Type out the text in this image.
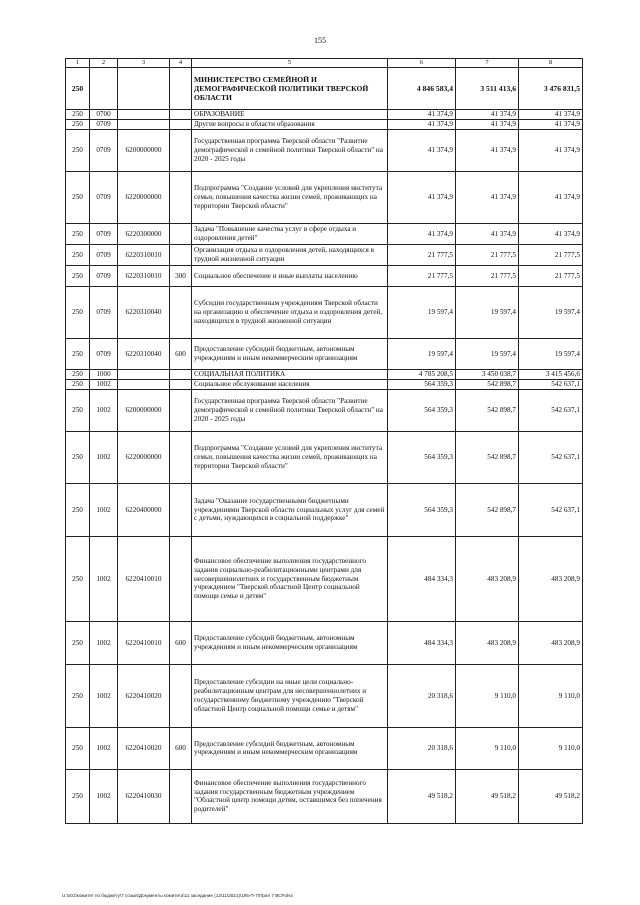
155
1	2	3	4	5	6	7	8
250				МИНИСТЕРСТВО СЕМЕЙНОЙ И ДЕМОГРАФИЧЕСКОЙ ПОЛИТИКИ ТВЕРСКОЙ ОБЛАСТИ	4 846 583,4	3 511 413,6	3 476 831,5
250	0700			ОБРАЗОВАНИЕ	41 374,9	41 374,9	41 374,9
250	0709			Другие вопросы в области образования	41 374,9	41 374,9	41 374,9
250	0709	6200000000		Государственная программа Тверской области "Развитие демографической и семейной политики Тверской области" на 2020 - 2025 годы	41 374,9	41 374,9	41 374,9
250	0709	6220000000		Подпрограмма "Создание условий для укрепления института семьи, повышения качества жизни семей, проживающих на территории Тверской области"	41 374,9	41 374,9	41 374,9
250	0709	6220300000		Задача "Повышение качества услуг в сфере отдыха и оздоровления детей"	41 374,9	41 374,9	41 374,9
250	0709	6220310010		Организация отдыха и оздоровления детей, находящихся в трудной жизненной ситуации	21 777,5	21 777,5	21 777,5
250	0709	6220310010	300	Социальное обеспечение и иные выплаты населению	21 777,5	21 777,5	21 777,5
250	0709	6220310040		Субсидии государственным учреждениям Тверской области на организацию и обеспечение отдыха и оздоровления детей, находящихся в трудной жизненной ситуации	19 597,4	19 597,4	19 597,4
250	0709	6220310040	600	Предоставление субсидий бюджетным, автономным учреждениям и иным некоммерческим организациям	19 597,4	19 597,4	19 597,4
250	1000			СОЦИАЛЬНАЯ ПОЛИТИКА	4 785 208,5	3 450 038,7	3 415 456,6
250	1002			Социальное обслуживание населения	564 359,3	542 898,7	542 637,1
250	1002	6200000000		Государственная программа Тверской области "Развитие демографической и семейной политики Тверской области" на 2020 - 2025 годы	564 359,3	542 898,7	542 637,1
250	1002	6220000000		Подпрограмма "Создание условий для укрепления института семьи, повышения качества жизни семей, проживающих на территории Тверской области"	564 359,3	542 898,7	542 637,1
250	1002	6220400000		Задача "Оказание государственными бюджетными учреждениями Тверской области социальных услуг для семей с детьми, нуждающихся в социальной поддержке"	564 359,3	542 898,7	542 637,1
250	1002	6220410010		Финансовое обеспечение выполнения государственного задания социально-реабилитационными центрами для несовершеннолетних и государственным бюджетным учреждением "Тверской областной Центр социальной помощи семье и детям"	484 334,3	483 208,9	483 208,9
250	1002	6220410010	600	Предоставление субсидий бюджетным, автономным учреждениям и иным некоммерческим организациям	484 334,3	483 208,9	483 208,9
250	1002	6220410020		Предоставление субсидии на иные цели социально-реабилитационным центрам для несовершеннолетних и государственному бюджетному учреждению "Тверской областной Центр социальной помощи семье и детям"	20 318,6	9 110,0	9 110,0
250	1002	6220410020	600	Предоставление субсидий бюджетным, автономным учреждениям и иным некоммерческим организациям	20 318,6	9 110,0	9 110,0
250	1002	6220410030		Финансовое обеспечение выполнения государственного задания государственным бюджетным учреждением "Областной центр помощи детям, оставшимся без попечения родителей"	49 518,2	49 518,2	49 518,2
U:\o01\комитет по бюджету\7 созыв\Документы комитета\11 заседание (12\11\2021)\195-П-7\Прил 7 ВСР.xlsx
